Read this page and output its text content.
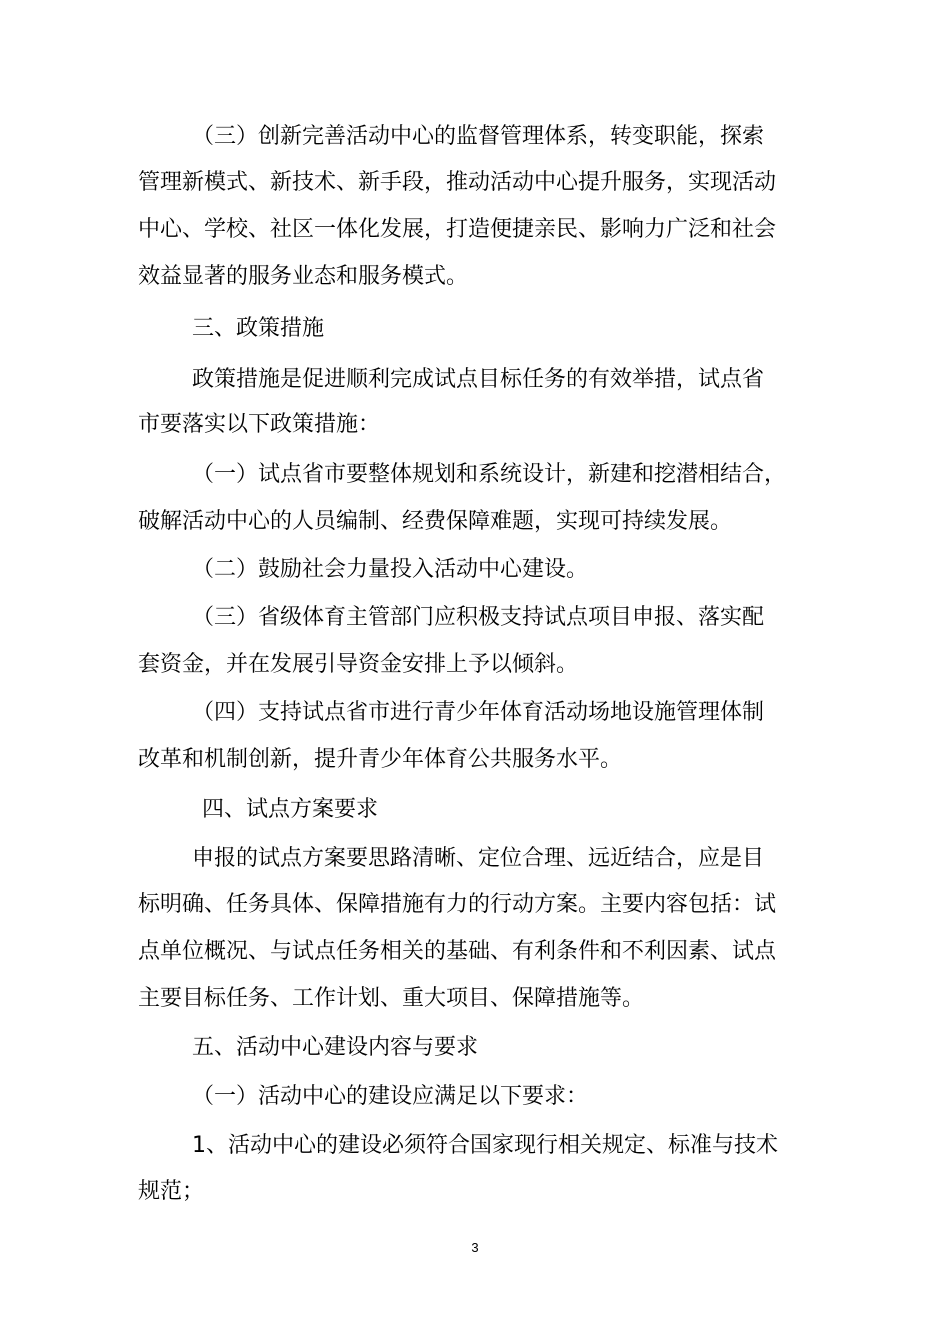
（三）创新完善活动中心的监督管理体系，转变职能，探索
管理新模式、新技术、新手段，推动活动中心提升服务，实现活动
中心、学校、社区一体化发展，打造便捷亲民、影响力广泛和社会
效益显著的服务业态和服务模式。
三、政策措施
政策措施是促进顺利完成试点目标任务的有效举措，试点省
市要落实以下政策措施：
（一）试点省市要整体规划和系统设计，新建和挖潜相结合，
破解活动中心的人员编制、经费保障难题，实现可持续发展。
（二）鼓励社会力量投入活动中心建设。
（三）省级体育主管部门应积极支持试点项目申报、落实配
套资金，并在发展引导资金安排上予以倾斜。
（四）支持试点省市进行青少年体育活动场地设施管理体制
改革和机制创新，提升青少年体育公共服务水平。
四、试点方案要求
申报的试点方案要思路清晰、定位合理、远近结合，应是目
标明确、任务具体、保障措施有力的行动方案。主要内容包括：试
点单位概况、与试点任务相关的基础、有利条件和不利因素、试点
主要目标任务、工作计划、重大项目、保障措施等。
五、活动中心建设内容与要求
（一）活动中心的建设应满足以下要求：
1、活动中心的建设必须符合国家现行相关规定、标准与技术
规范；
3
